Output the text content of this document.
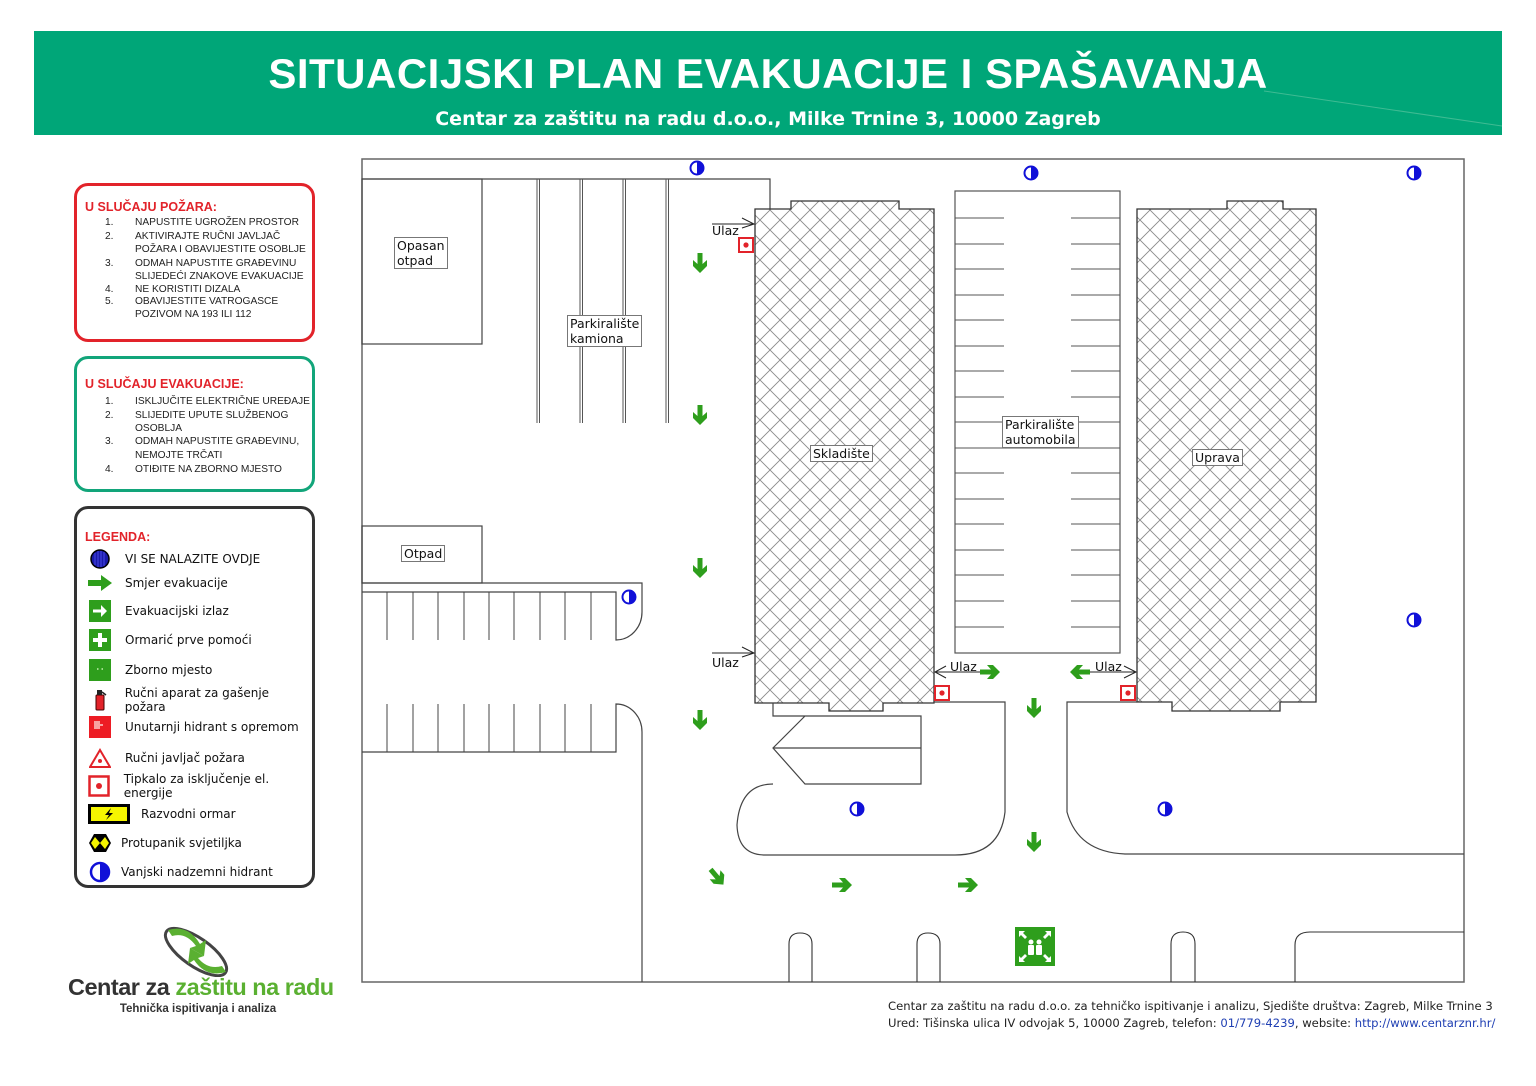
SITUACIJSKI PLAN EVAKUACIJE I SPAŠAVANJA
Centar za zaštitu na radu d.o.o., Milke Trnine 3, 10000 Zagreb
U SLUČAJU POŽARA:
1.	NAPUSTITE UGROŽEN PROSTOR
2.	AKTIVIRAJTE RUČNI JAVLJAČ
POŽARA I OBAVIJESTITE OSOBLJE
3.	ODMAH NAPUSTITE GRAĐEVINU
SLIJEDEĆI ZNAKOVE EVAKUACIJE
4.	NE KORISTITI DIZALA
5.	OBAVIJESTITE VATROGASCE
POZIVOM NA 193 ILI 112
U SLUČAJU EVAKUACIJE:
1.	ISKLJUČITE ELEKTRIČNE UREĐAJE
2.	SLIJEDITE UPUTE SLUŽBENOG
OSOBLJA
3.	ODMAH NAPUSTITE GRAĐEVINU,
NEMOJTE TRČATI
4.	OTIĐITE NA ZBORNO MJESTO
LEGENDA:
VI SE NALAZITE OVDJE
Smjer evakuacije
Evakuacijski izlaz
Ormarić prve pomoći
Zborno mjesto
Ručni aparat za gašenje požara
Unutarnji hidrant s opremom
Ručni javljač požara
Tipkalo za isključenje el. energije
Razvodni ormar
Protupanik svjetiljka
Vanjski nadzemni hidrant
Centar za zaštitu na radu
Tehnička ispitivanja i analiza	Centar za zaštitu na radu d.o.o. za tehničko ispitivanje i analizu, Sjedište društva: Zagreb, Milke Trnine 3
Ured: Tišinska ulica IV odvojak 5, 10000 Zagreb, telefon: 01/779-4239, website: http://www.centarznr.hr/
Opasan
otpad
Parkiralište
kamiona
Skladište
Parkiralište
automobila
Uprava
Otpad
Ulaz
Ulaz	Ulaz	Ulaz
